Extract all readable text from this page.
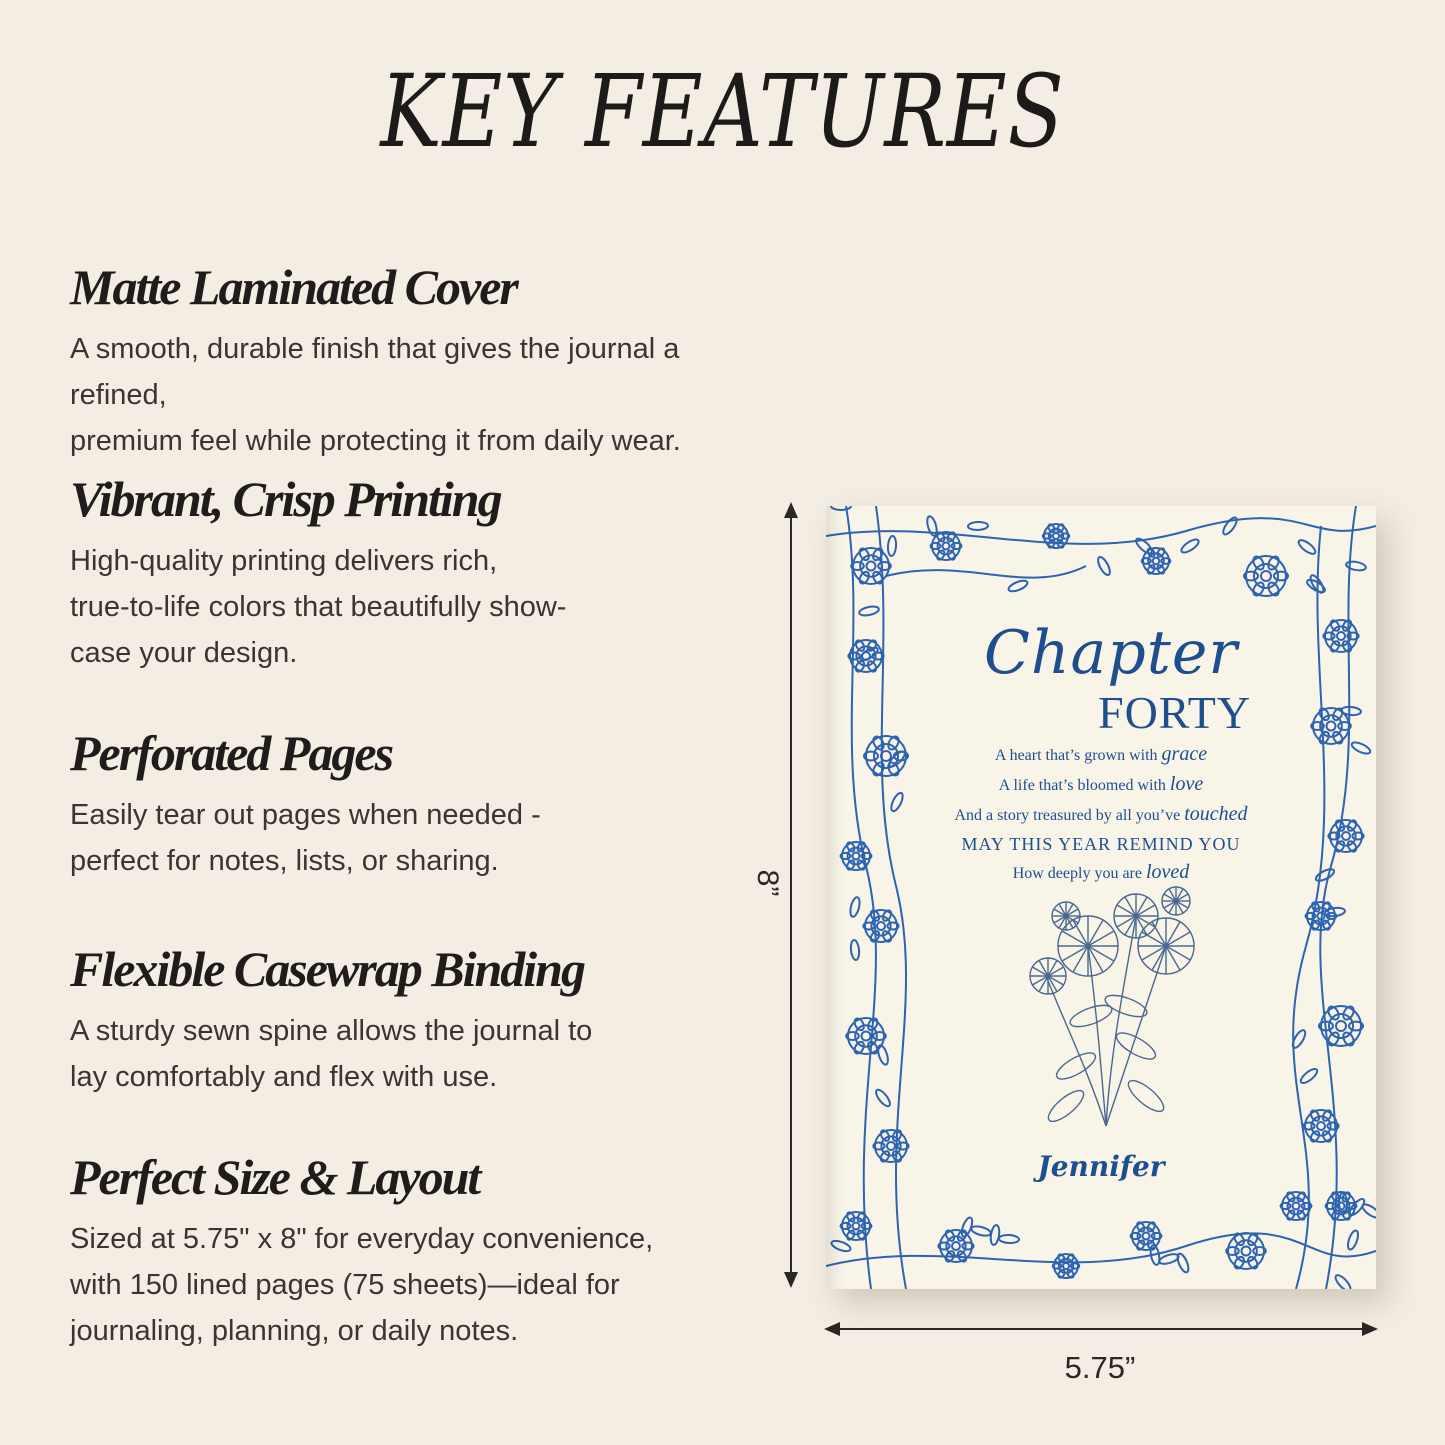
KEY FEATURES
Matte Laminated Cover

A smooth, durable finish that gives the journal a refined,
premium feel while protecting it from daily wear.

Vibrant, Crisp Printing

High-quality printing delivers rich,
true-to-life colors that beautifully show-
case your design.

Perforated Pages

Easily tear out pages when needed -
perfect for notes, lists, or sharing.

Flexible Casewrap Binding

A sturdy sewn spine allows the journal to
lay comfortably and flex with use.

Perfect Size & Layout

Sized at 5.75" x 8" for everyday convenience,
with 150 lined pages (75 sheets)—ideal for
journaling, planning, or daily notes.

8”
5.75”
Chapter
FORTY
A heart that’s grown with grace
A life that’s bloomed with love
And a story treasured by all you’ve touched
MAY THIS YEAR REMIND YOU
How deeply you are loved
Jennifer
